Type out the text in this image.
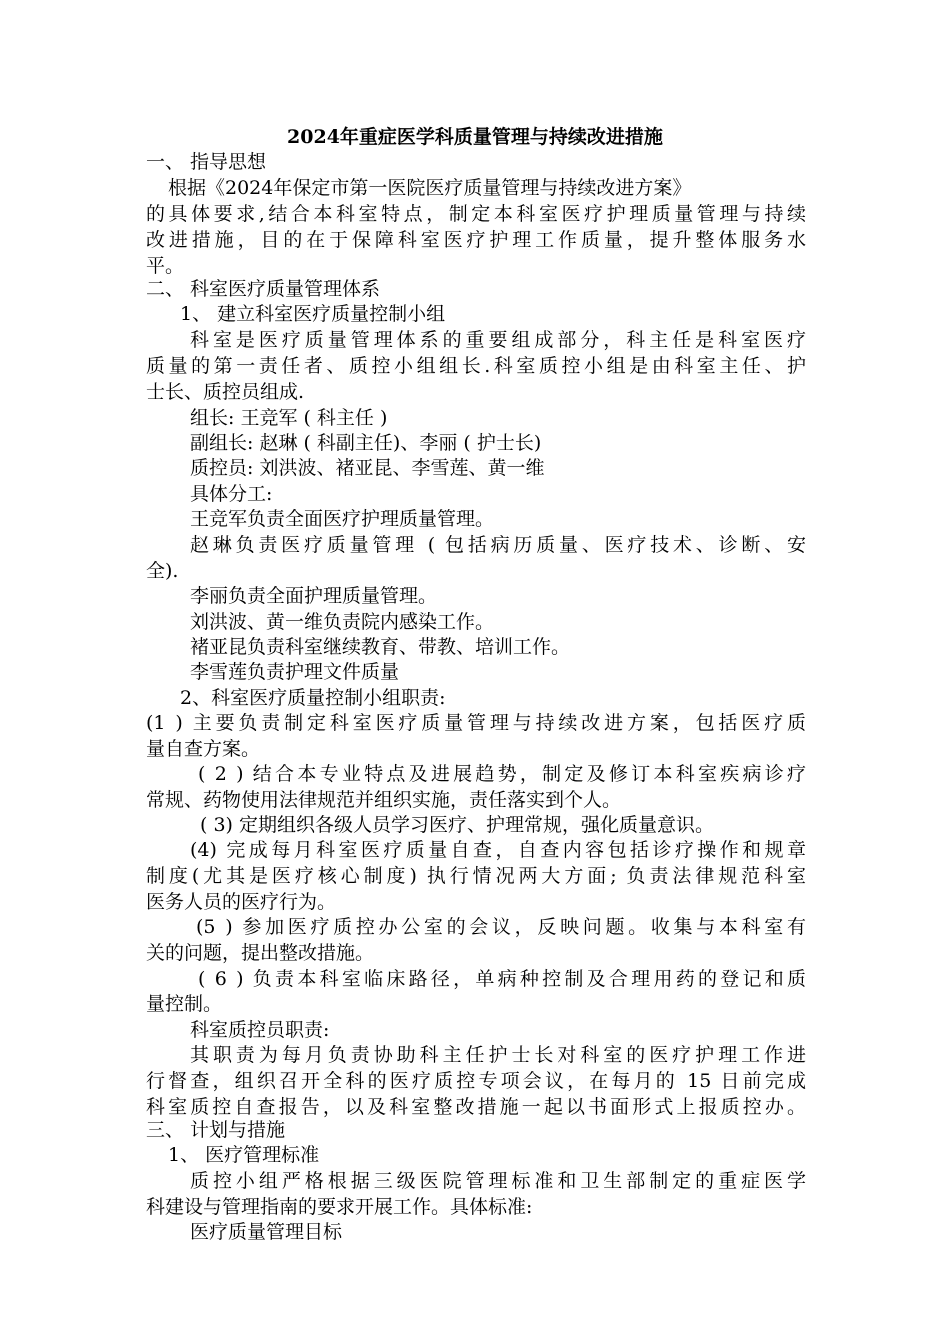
2024年重症医学科质量管理与持续改进措施
一、 指导思想
根据《2024年保定市第一医院医疗质量管理与持续改进方案》
的具体要求,结合本科室特点，制定本科室医疗护理质量管理与持续
改进措施，目的在于保障科室医疗护理工作质量，提升整体服务水
平。
二、 科室医疗质量管理体系
1、 建立科室医疗质量控制小组
科室是医疗质量管理体系的重要组成部分，科主任是科室医疗
质量的第一责任者、质控小组组长.科室质控小组是由科室主任、护
士长、质控员组成.
组长: 王竞军 ( 科主任 )
副组长: 赵琳 ( 科副主任)、李丽 ( 护士长)
质控员: 刘洪波、褚亚昆、李雪莲、黄一维
具体分工:
王竞军负责全面医疗护理质量管理。
赵琳负责医疗质量管理 ( 包括病历质量、医疗技术、诊断、安
全).
李丽负责全面护理质量管理。
刘洪波、黄一维负责院内感染工作。
褚亚昆负责科室继续教育、带教、培训工作。
李雪莲负责护理文件质量
2、科室医疗质量控制小组职责:
(1 ) 主要负责制定科室医疗质量管理与持续改进方案，包括医疗质
量自查方案。
( 2 ) 结合本专业特点及进展趋势，制定及修订本科室疾病诊疗
常规、药物使用法律规范并组织实施，责任落实到个人。
( 3) 定期组织各级人员学习医疗、护理常规，强化质量意识。
(4) 完成每月科室医疗质量自查，自查内容包括诊疗操作和规章
制度(尤其是医疗核心制度) 执行情况两大方面; 负责法律规范科室
医务人员的医疗行为。
(5 ) 参加医疗质控办公室的会议，反映问题。收集与本科室有
关的问题，提出整改措施。
( 6 ) 负责本科室临床路径，单病种控制及合理用药的登记和质
量控制。
科室质控员职责:
其职责为每月负责协助科主任护士长对科室的医疗护理工作进
行督查，组织召开全科的医疗质控专项会议，在每月的 15 日前完成
科室质控自查报告，以及科室整改措施一起以书面形式上报质控办。
三、 计划与措施
1、 医疗管理标准
质控小组严格根据三级医院管理标准和卫生部制定的重症医学
科建设与管理指南的要求开展工作。具体标准:
医疗质量管理目标
